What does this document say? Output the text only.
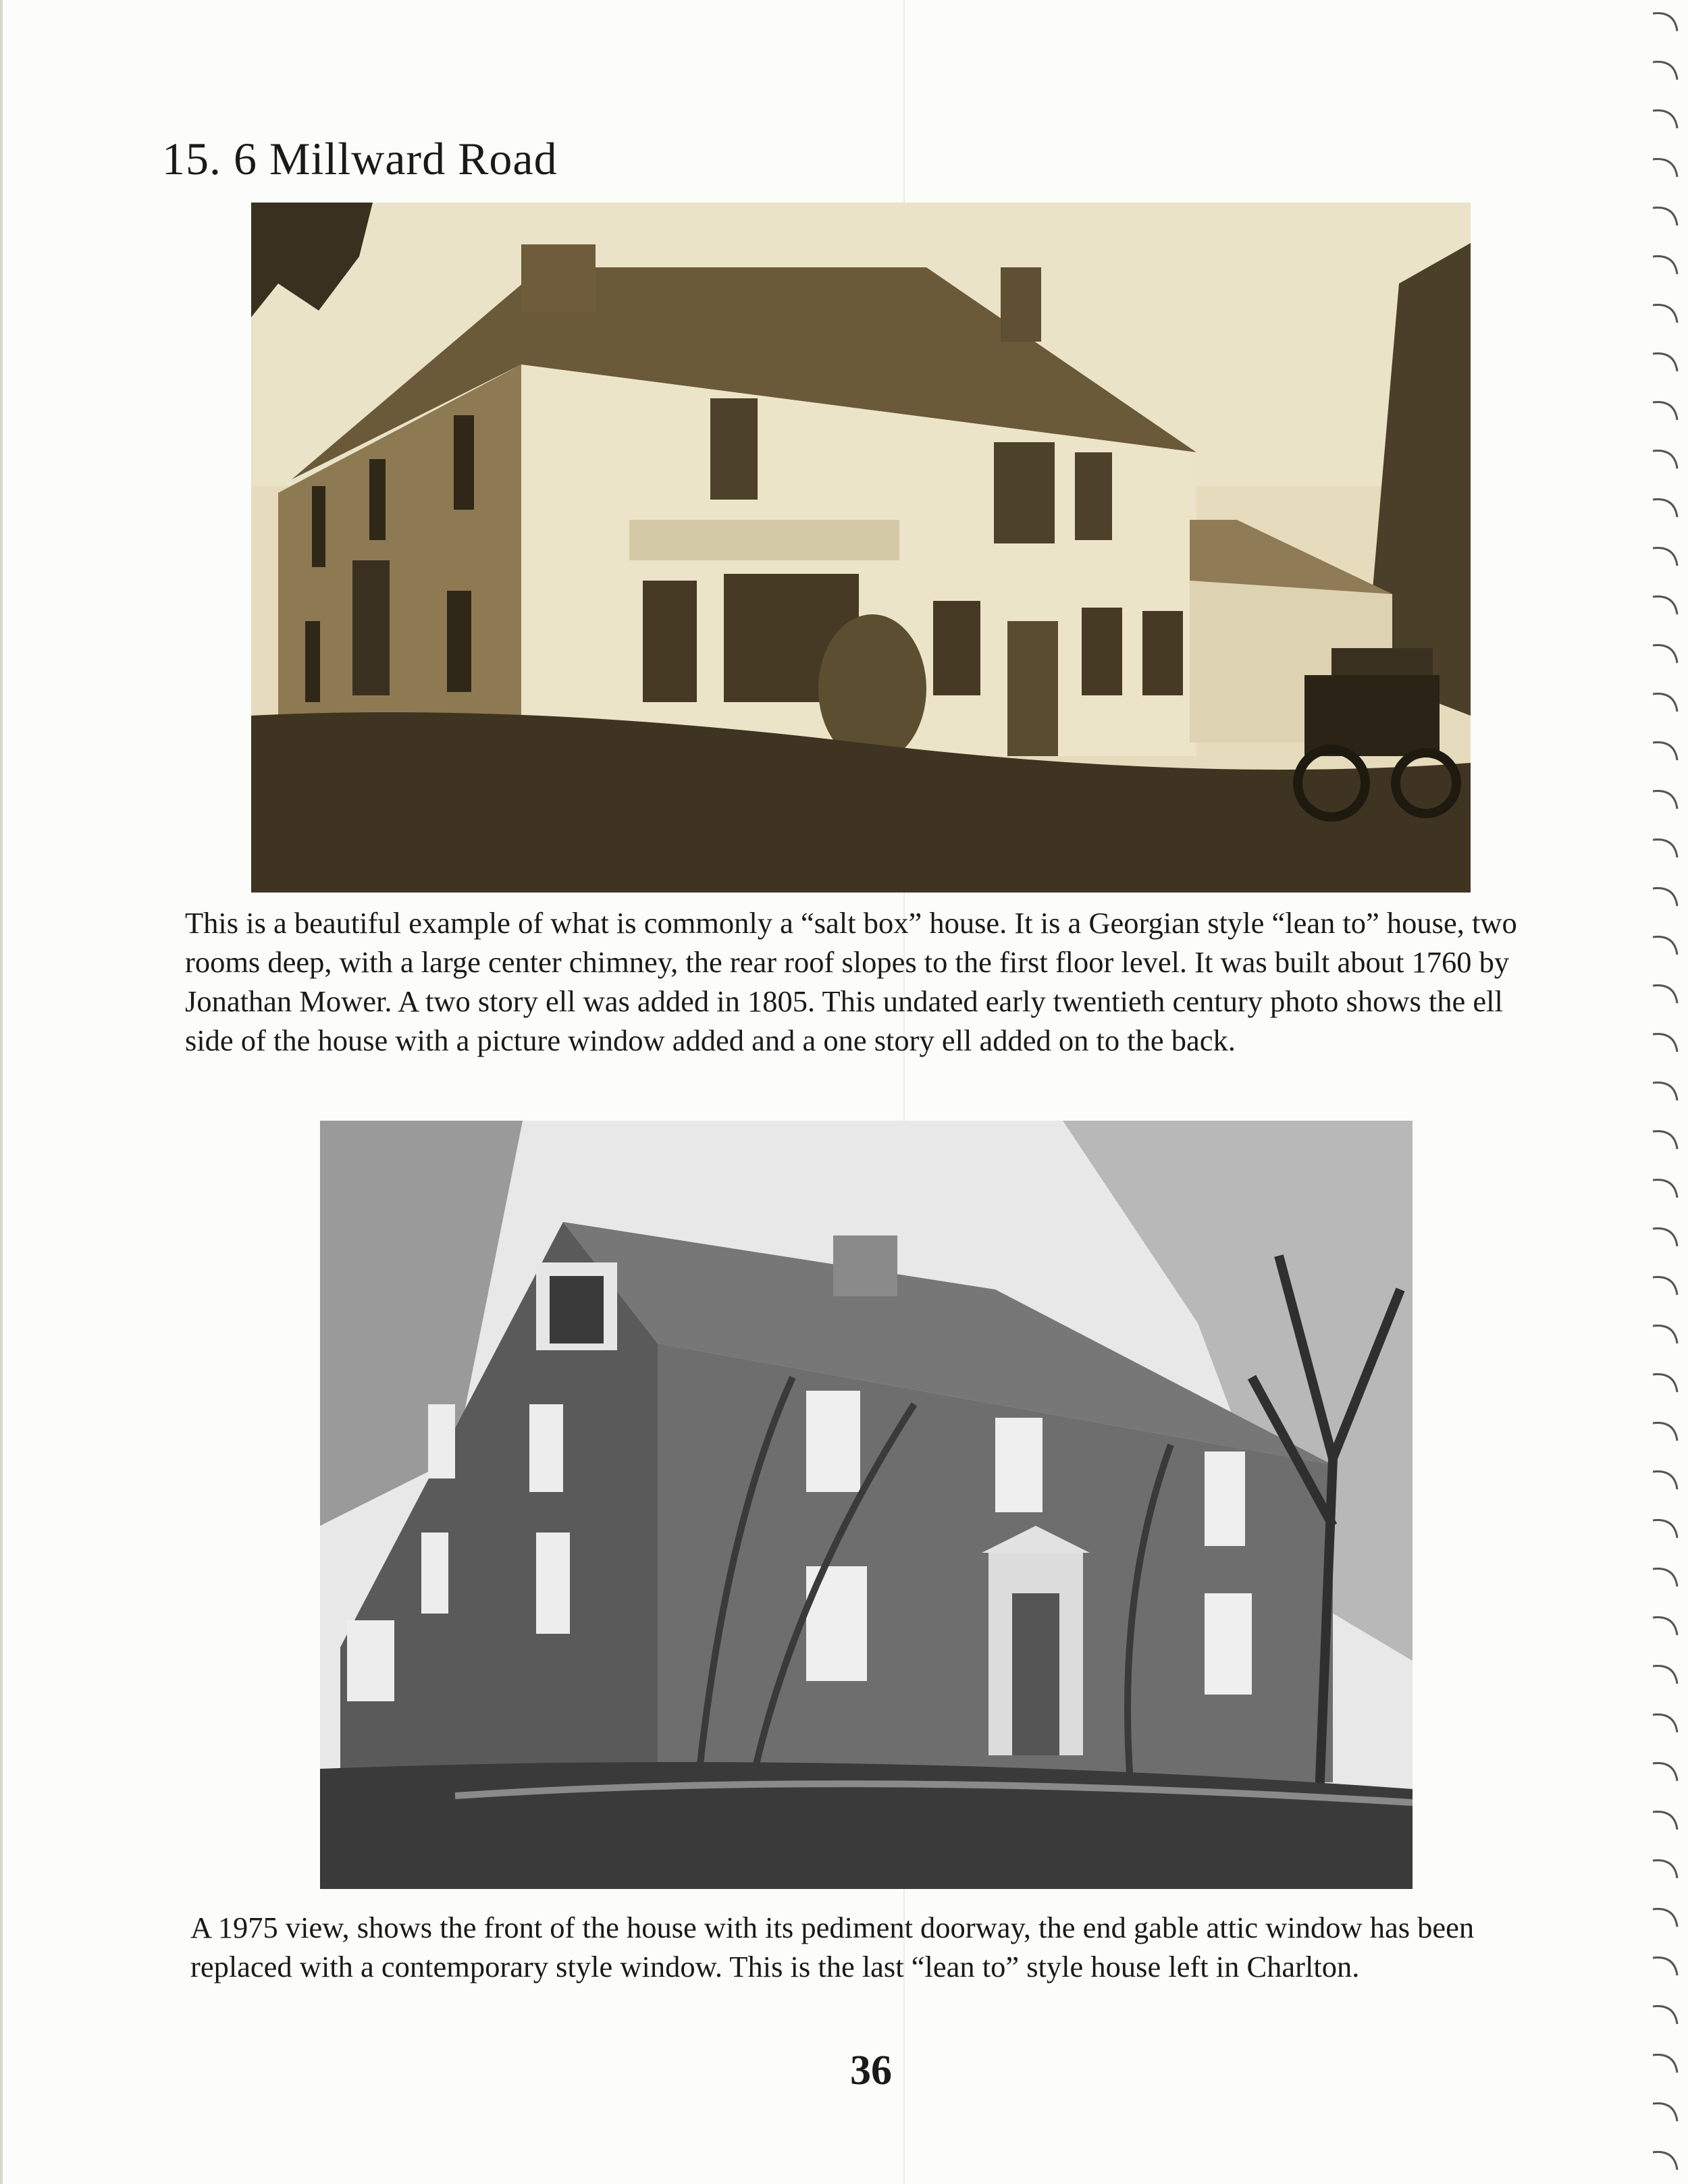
15. 6 Millward Road

This is a beautiful example of what is commonly a “salt box” house. It is a Georgian style “lean to” house, two rooms deep, with a large center chimney, the rear roof slopes to the first floor level. It was built about 1760 by Jonathan Mower. A two story ell was added in 1805. This undated early twentieth century photo shows the ell side of the house with a picture window added and a one story ell added on to the back.

A 1975 view, shows the front of the house with its pediment doorway, the end gable attic window has been replaced with a contemporary style window. This is the last “lean to” style house left in Charlton.

36
